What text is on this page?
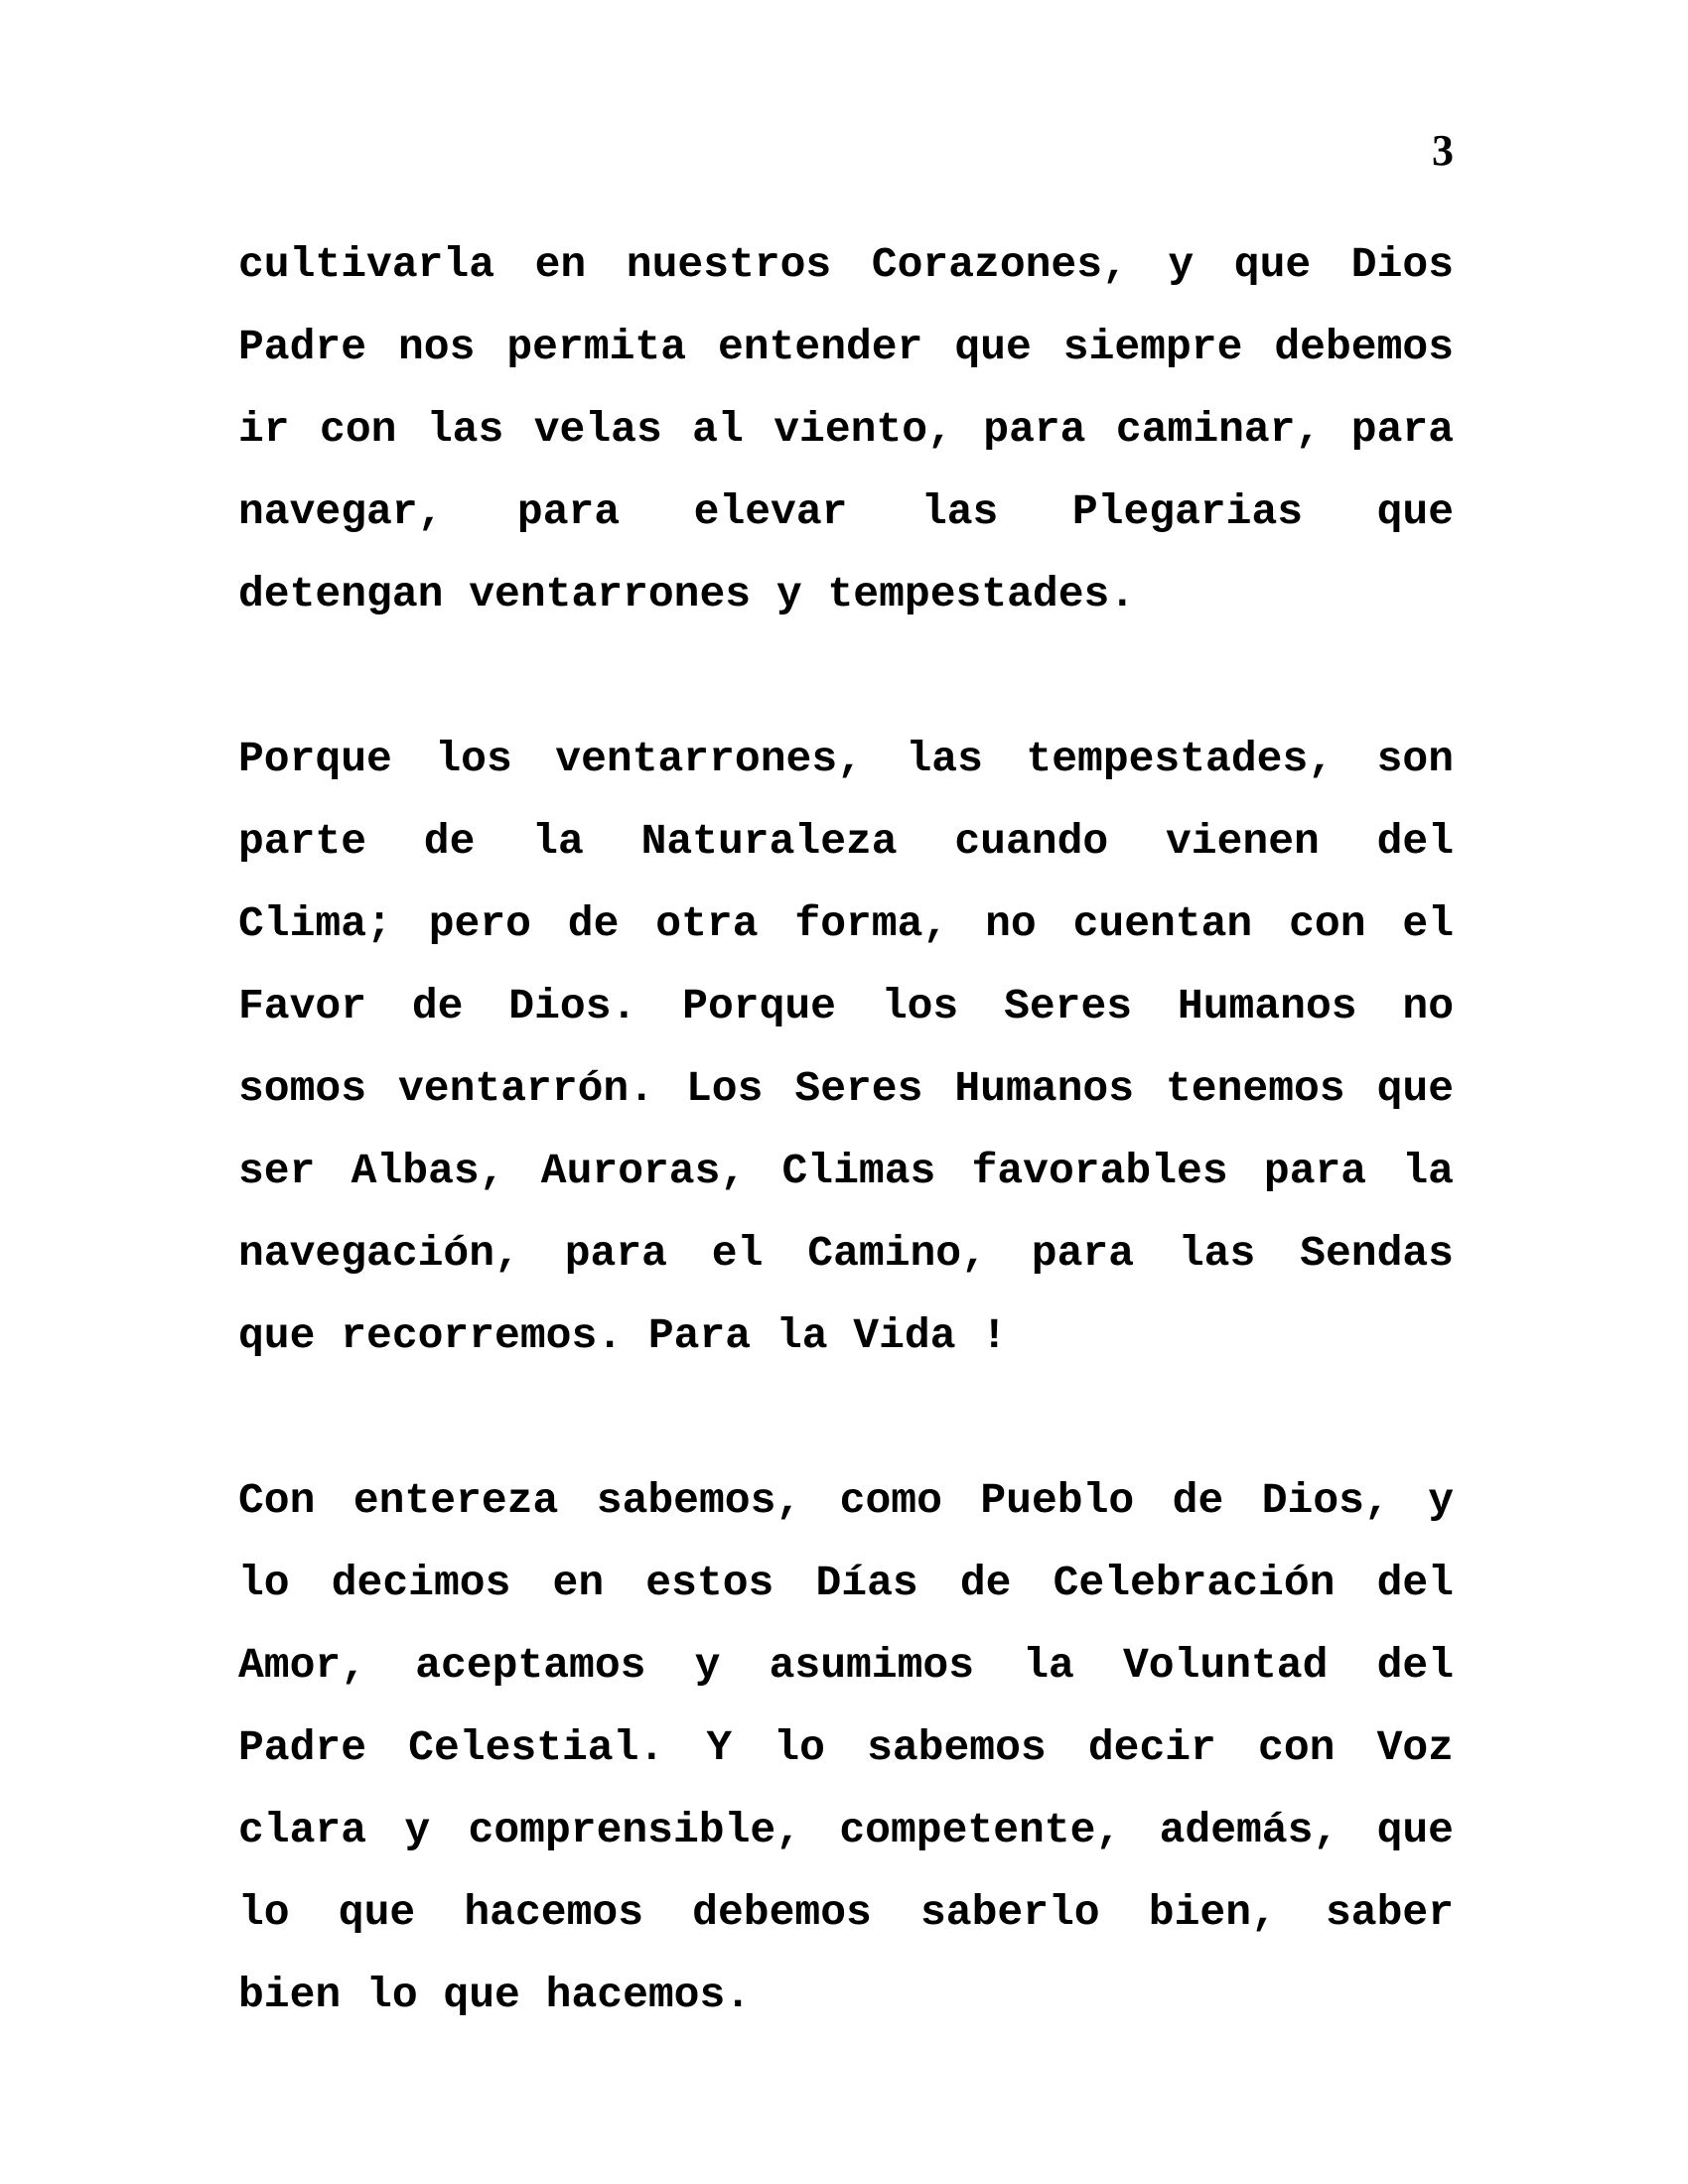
3
cultivarla en nuestros Corazones, y que Dios
Padre nos permita entender que siempre debemos
ir con las velas al viento, para caminar, para
navegar, para elevar las Plegarias que
detengan ventarrones y tempestades.
Porque los ventarrones, las tempestades, son
parte de la Naturaleza cuando vienen del
Clima; pero de otra forma, no cuentan con el
Favor de Dios. Porque los Seres Humanos no
somos ventarrón. Los Seres Humanos tenemos que
ser Albas, Auroras, Climas favorables para la
navegación, para el Camino, para las Sendas
que recorremos. Para la Vida !
Con entereza sabemos, como Pueblo de Dios, y
lo decimos en estos Días de Celebración del
Amor, aceptamos y asumimos la Voluntad del
Padre Celestial. Y lo sabemos decir con Voz
clara y comprensible, competente, además, que
lo que hacemos debemos saberlo bien, saber
bien lo que hacemos.
